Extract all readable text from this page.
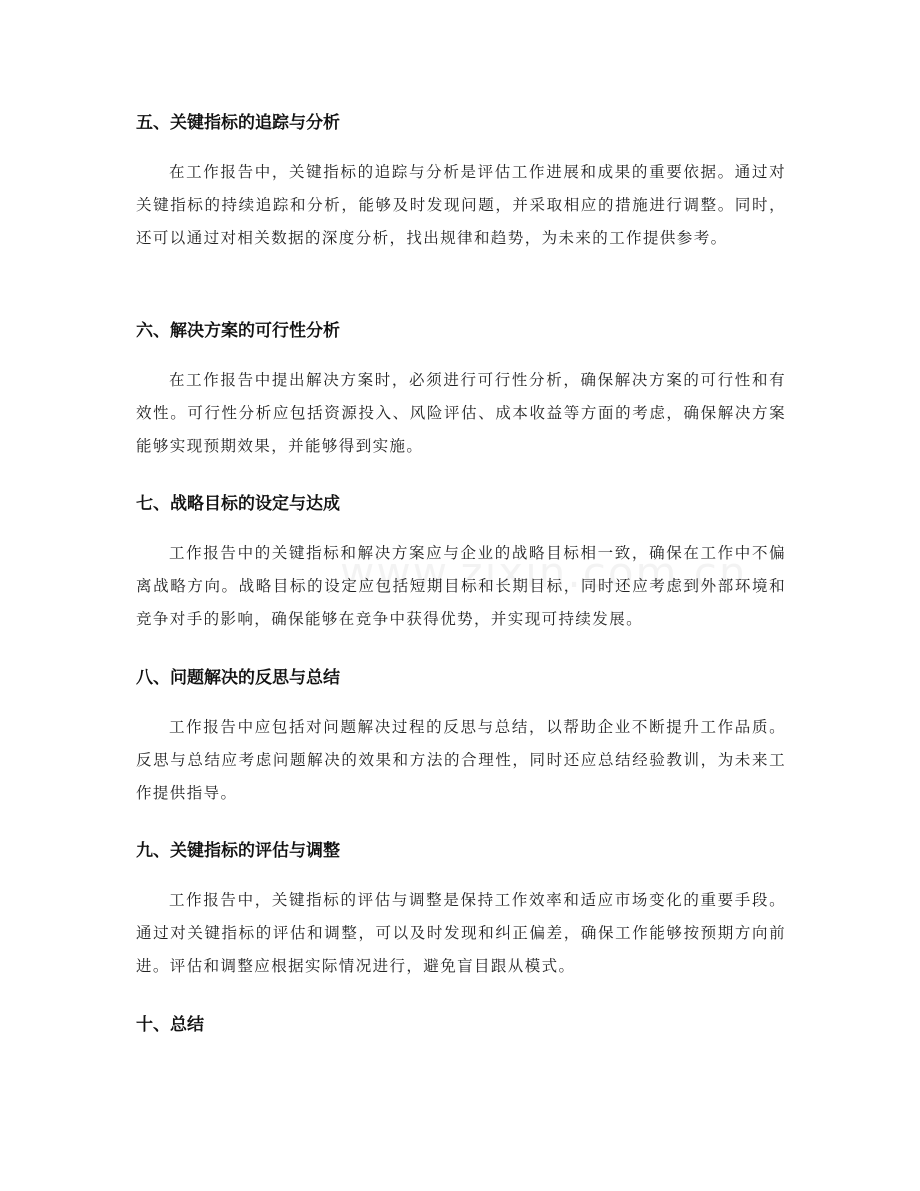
五、关键指标的追踪与分析

在工作报告中，关键指标的追踪与分析是评估工作进展和成果的重要依据。通过对关键指标的持续追踪和分析，能够及时发现问题，并采取相应的措施进行调整。同时，还可以通过对相关数据的深度分析，找出规律和趋势，为未来的工作提供参考。

六、解决方案的可行性分析

在工作报告中提出解决方案时，必须进行可行性分析，确保解决方案的可行性和有效性。可行性分析应包括资源投入、风险评估、成本收益等方面的考虑，确保解决方案能够实现预期效果，并能够得到实施。

七、战略目标的设定与达成

工作报告中的关键指标和解决方案应与企业的战略目标相一致，确保在工作中不偏离战略方向。战略目标的设定应包括短期目标和长期目标，同时还应考虑到外部环境和竞争对手的影响，确保能够在竞争中获得优势，并实现可持续发展。

八、问题解决的反思与总结

工作报告中应包括对问题解决过程的反思与总结，以帮助企业不断提升工作品质。反思与总结应考虑问题解决的效果和方法的合理性，同时还应总结经验教训，为未来工作提供指导。

九、关键指标的评估与调整

工作报告中，关键指标的评估与调整是保持工作效率和适应市场变化的重要手段。通过对关键指标的评估和调整，可以及时发现和纠正偏差，确保工作能够按预期方向前进。评估和调整应根据实际情况进行，避免盲目跟从模式。

十、总结
